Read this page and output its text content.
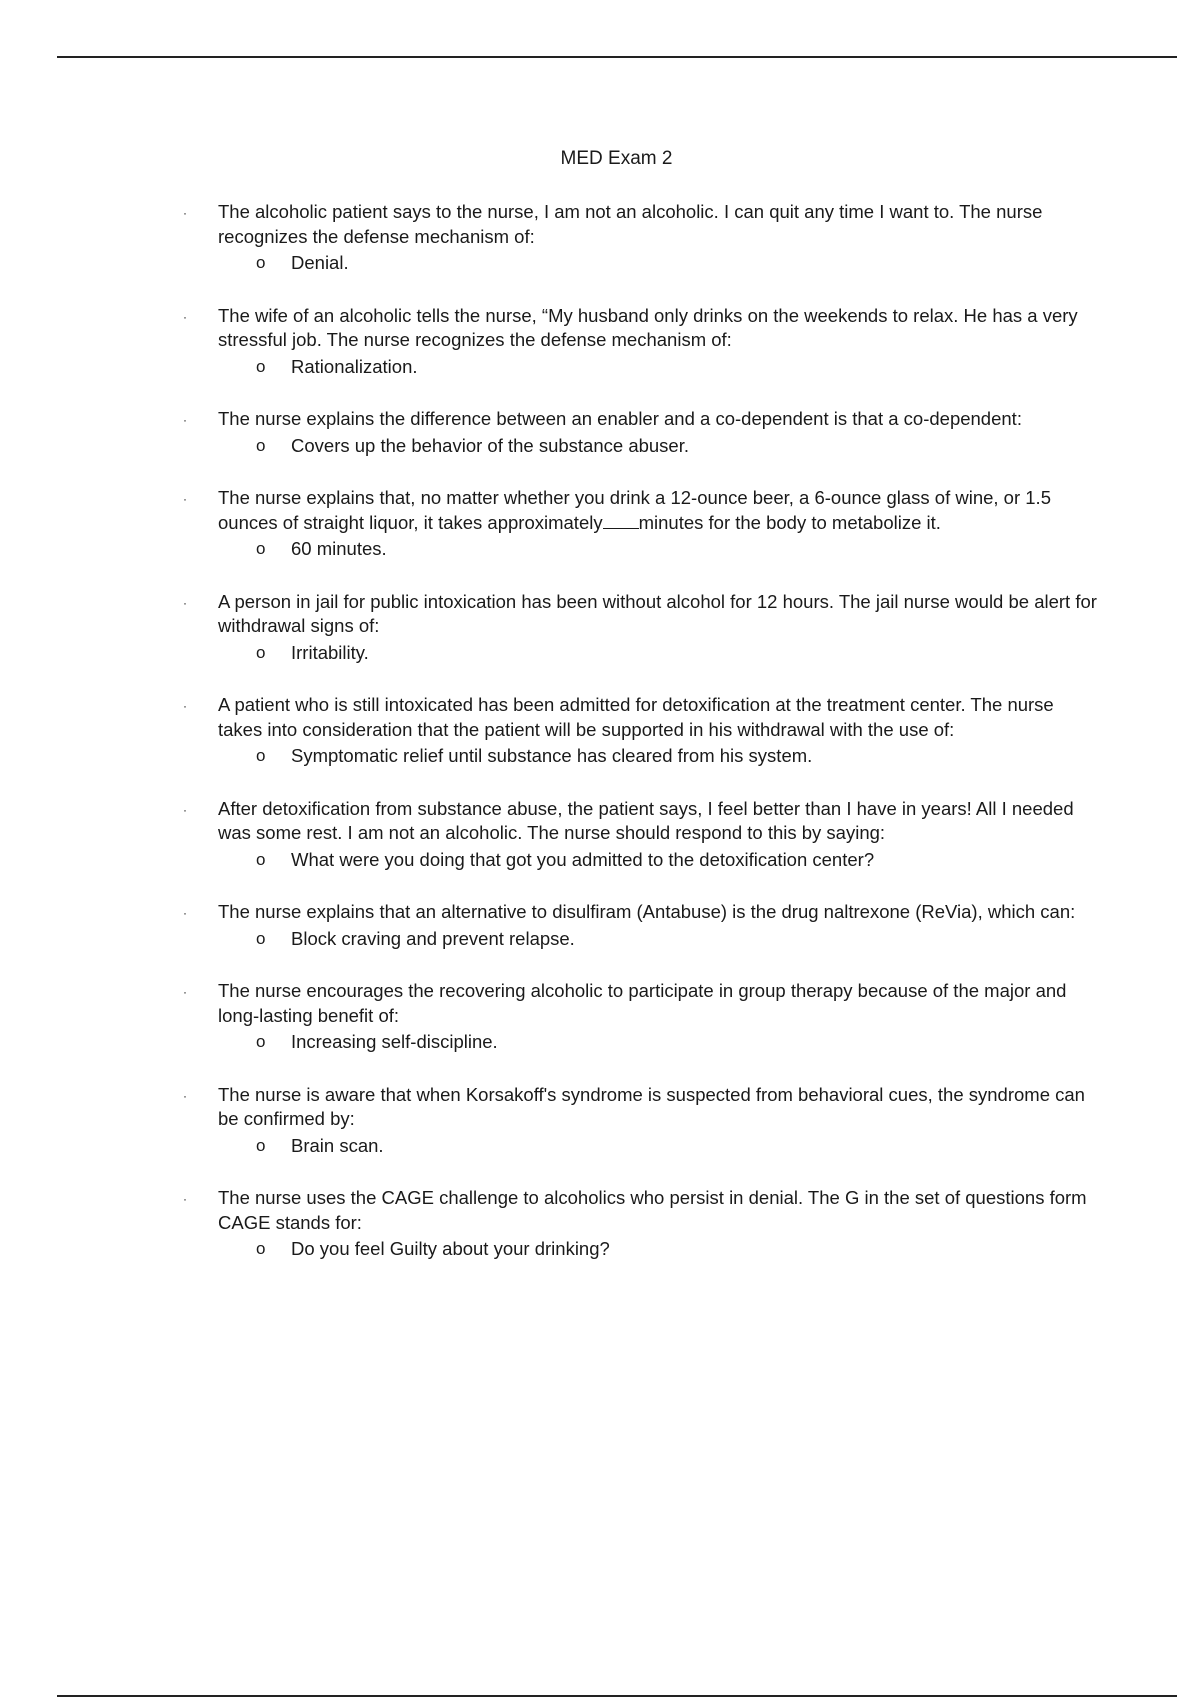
MED Exam 2
·	The alcoholic patient says to the nurse, I am not an alcoholic. I can quit any time I want to. The nurse recognizes the defense mechanism of:
o Denial.
·	The wife of an alcoholic tells the nurse, “My husband only drinks on the weekends to relax. He has a very stressful job. The nurse recognizes the defense mechanism of:
o Rationalization.
·	The nurse explains the difference between an enabler and a co-dependent is that a co-dependent:
o Covers up the behavior of the substance abuser.
·	The nurse explains that, no matter whether you drink a 12-ounce beer, a 6-ounce glass of wine, or 1.5 ounces of straight liquor, it takes approximately minutes for the body to metabolize it.
o 60 minutes.
·	A person in jail for public intoxication has been without alcohol for 12 hours. The jail nurse would be alert for withdrawal signs of:
o Irritability.
·	A patient who is still intoxicated has been admitted for detoxification at the treatment center. The nurse takes into consideration that the patient will be supported in his withdrawal with the use of:
o Symptomatic relief until substance has cleared from his system.
·	After detoxification from substance abuse, the patient says, I feel better than I have in years! All I needed was some rest. I am not an alcoholic. The nurse should respond to this by saying:
o What were you doing that got you admitted to the detoxification center?
·	The nurse explains that an alternative to disulfiram (Antabuse) is the drug naltrexone (ReVia), which can:
o Block craving and prevent relapse.
·	The nurse encourages the recovering alcoholic to participate in group therapy because of the major and long-lasting benefit of:
o Increasing self-discipline.
·	The nurse is aware that when Korsakoff's syndrome is suspected from behavioral cues, the syndrome can be confirmed by:
o Brain scan.
·	The nurse uses the CAGE challenge to alcoholics who persist in denial. The G in the set of questions form CAGE stands for:
o Do you feel Guilty about your drinking?
